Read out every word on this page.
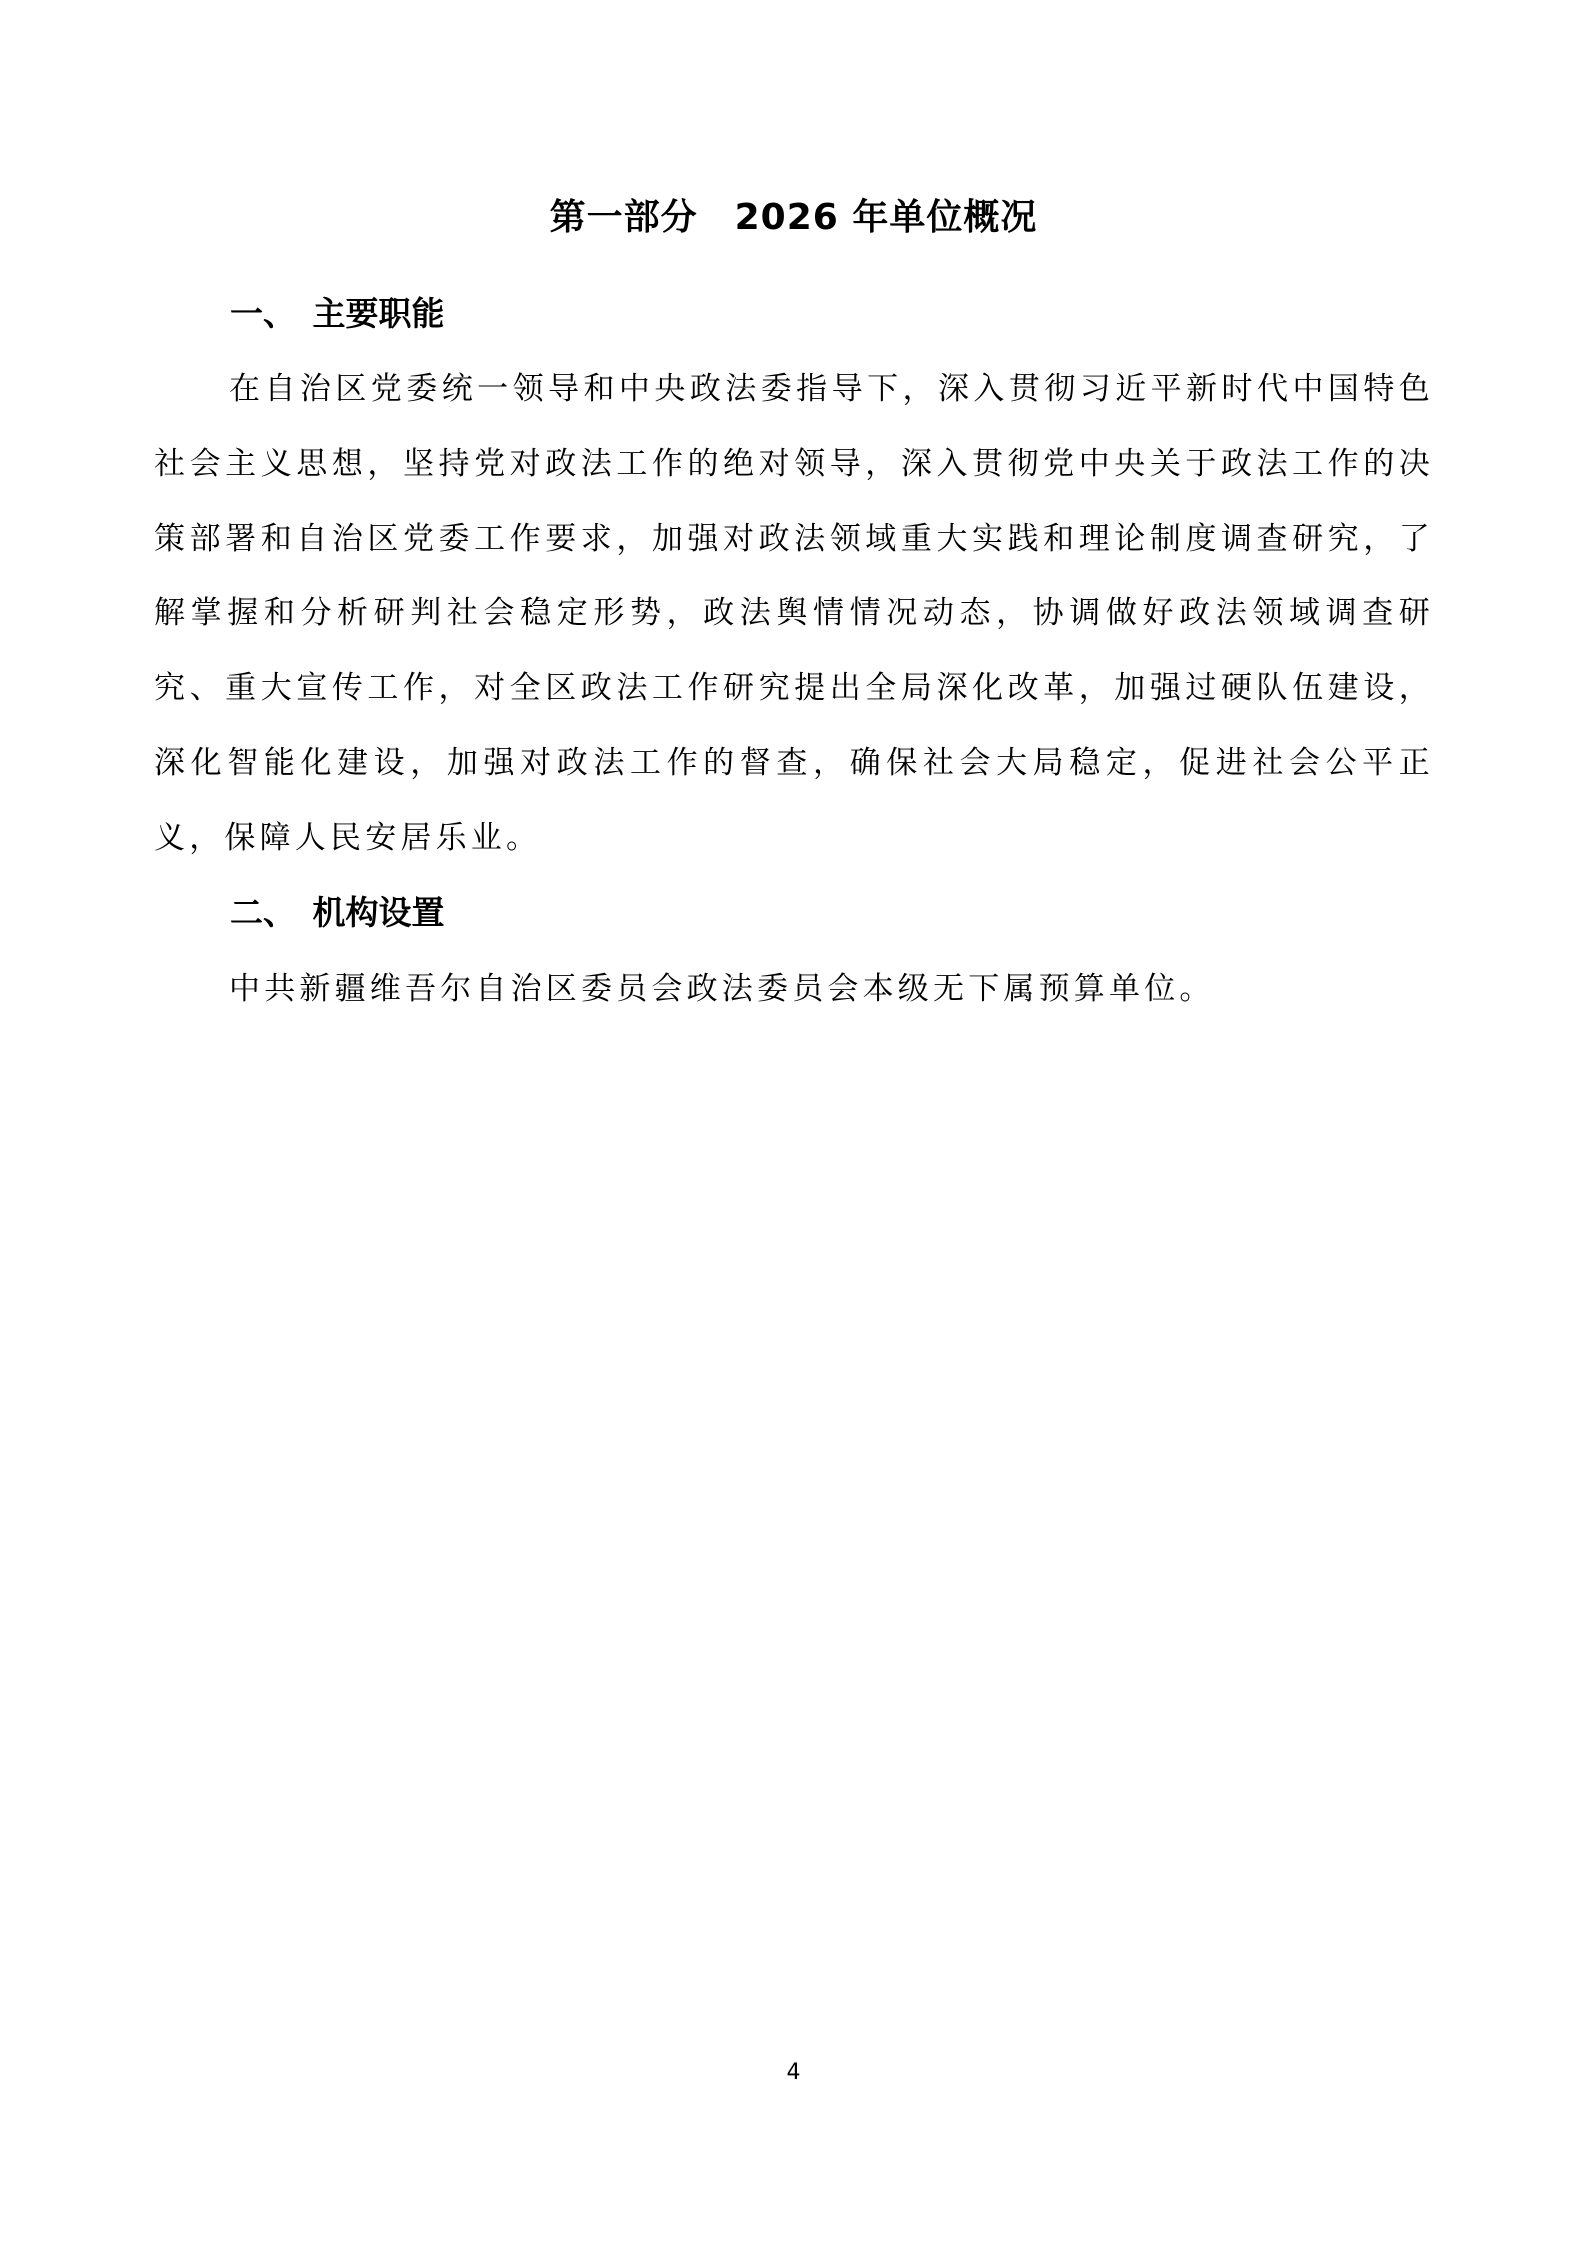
第一部分　2026 年单位概况
一、　主要职能

在自治区党委统一领导和中央政法委指导下，深入贯彻习近平新时代中国特色社会主义思想，坚持党对政法工作的绝对领导，深入贯彻党中央关于政法工作的决策部署和自治区党委工作要求，加强对政法领域重大实践和理论制度调查研究，了解掌握和分析研判社会稳定形势，政法舆情情况动态，协调做好政法领域调查研究、重大宣传工作，对全区政法工作研究提出全局深化改革，加强过硬队伍建设，深化智能化建设，加强对政法工作的督查，确保社会大局稳定，促进社会公平正义，保障人民安居乐业。

二、　机构设置

中共新疆维吾尔自治区委员会政法委员会本级无下属预算单位。

4
